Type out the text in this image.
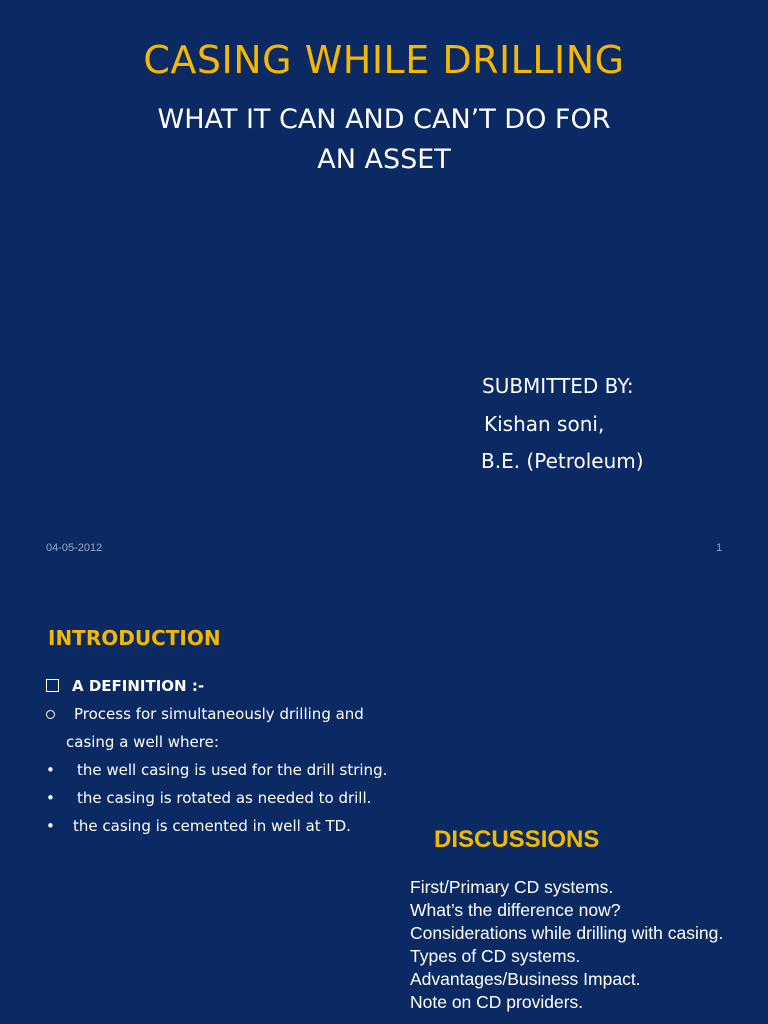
CASING WHILE DRILLING
WHAT IT CAN AND CAN’T DO FOR AN ASSET
SUBMITTED BY:
Kishan soni,
B.E. (Petroleum)
04-05-2012	1
INTRODUCTION
A DEFINITION :-
Process for simultaneously drilling and
casing a well where:
• the well casing is used for the drill string.
• the casing is rotated as needed to drill.
• the casing is cemented in well at TD.	DISCUSSIONS
First/Primary CD systems.
What’s the difference now?
Considerations while drilling with casing.
Types of CD systems.
Advantages/Business Impact.
Note on CD providers.
